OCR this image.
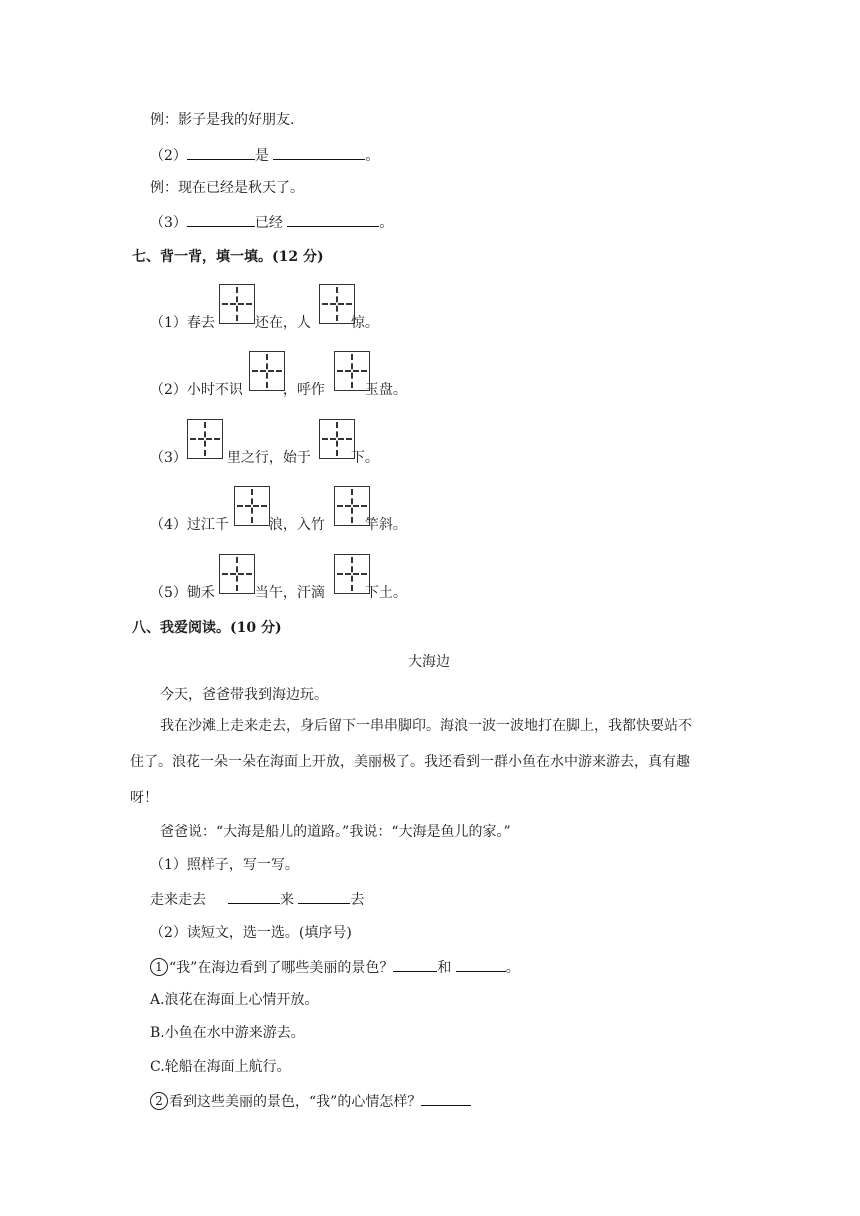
例：影子是我的好朋友.
（2）	是	。
例：现在已经是秋天了。
（3）	已经	。
七、背一背，填一填。(12 分)
（1）春去	还在，人	惊。
（2）小时不识	，呼作	玉盘。
（3）	里之行，始于	下。
（4）过江千	浪，入竹	竿斜。
（5）锄禾	当午，汗滴	下土。
八、我爱阅读。(10 分)
大海边
今天，爸爸带我到海边玩。
我在沙滩上走来走去，身后留下一串串脚印。海浪一波一波地打在脚上，我都快要站不
住了。浪花一朵一朵在海面上开放，美丽极了。我还看到一群小鱼在水中游来游去，真有趣
呀！
爸爸说：“大海是船儿的道路。”我说：“大海是鱼儿的家。”
（1）照样子，写一写。
走来走去	来	去
（2）读短文，选一选。(填序号)
1 “我”在海边看到了哪些美丽的景色？	和	。
A.浪花在海面上心情开放。
B.小鱼在水中游来游去。
C.轮船在海面上航行。
2 看到这些美丽的景色，“我”的心情怎样？
